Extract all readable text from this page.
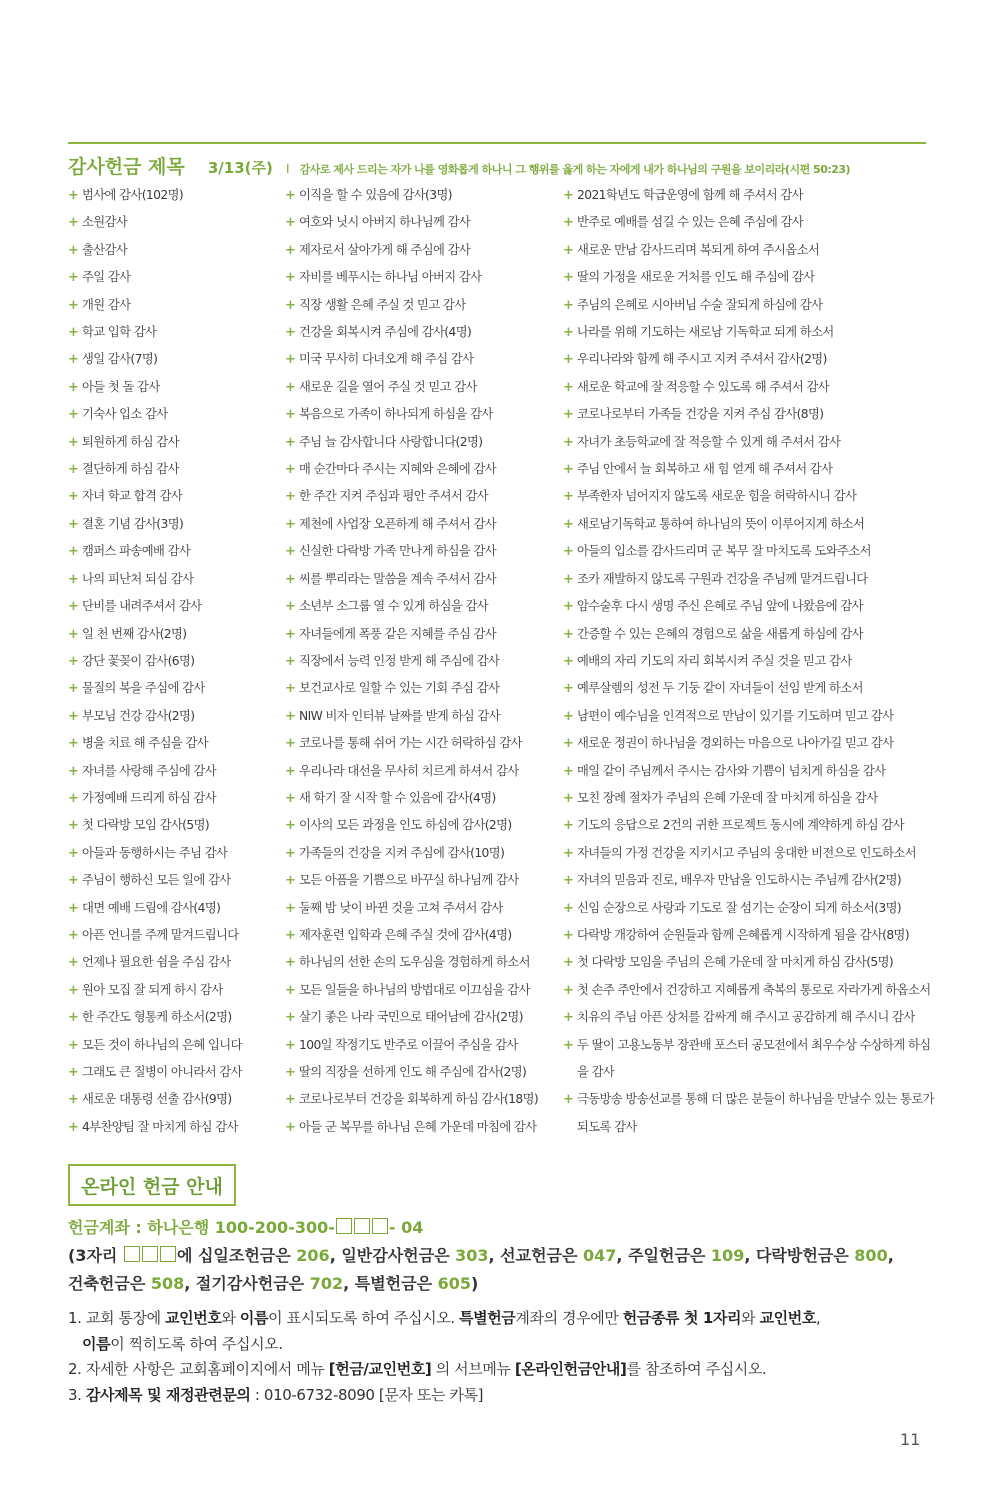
감사헌금 제목 3/13(주) I 감사로 제사 드리는 자가 나를 영화롭게 하나니 그 행위를 옳게 하는 자에게 내가 하나님의 구원을 보이리라(시편 50:23)
+ 범사에 감사(102명)
+ 소원감사
+ 출산감사
+ 주일 감사
+ 개원 감사
+ 학교 입학 감사
+ 생일 감사(7명)
+ 아들 첫 돌 감사
+ 기숙사 입소 감사
+ 퇴원하게 하심 감사
+ 결단하게 하심 감사
+ 자녀 학교 합격 감사
+ 결혼 기념 감사(3명)
+ 캠퍼스 파송예배 감사
+ 나의 피난처 되심 감사
+ 단비를 내려주셔서 감사
+ 일 천 번째 감사(2명)
+ 강단 꽃꽂이 감사(6명)
+ 물질의 복을 주심에 감사
+ 부모님 건강 감사(2명)
+ 병을 치료 해 주심을 감사
+ 자녀를 사랑해 주심에 감사
+ 가정예배 드리게 하심 감사
+ 첫 다락방 모임 감사(5명)
+ 아들과 동행하시는 주님 감사
+ 주님이 행하신 모든 일에 감사
+ 대면 예배 드림에 감사(4명)
+ 아픈 언니를 주께 맡겨드립니다
+ 언제나 필요한 쉼을 주심 감사
+ 원아 모집 잘 되게 하시 감사
+ 한 주간도 형통케 하소서(2명)
+ 모든 것이 하나님의 은혜 입니다
+ 그래도 큰 질병이 아니라서 감사
+ 새로운 대통령 선출 감사(9명)
+ 4부찬양팀 잘 마치게 하심 감사
+ 이직을 할 수 있음에 감사(3명)
+ 여호와 닛시 아버지 하나님께 감사
+ 제자로서 살아가게 해 주심에 감사
+ 자비를 베푸시는 하나님 아버지 감사
+ 직장 생활 은혜 주실 것 믿고 감사
+ 건강을 회복시켜 주심에 감사(4명)
+ 미국 무사히 다녀오게 해 주심 감사
+ 새로운 길을 열어 주실 것 믿고 감사
+ 복음으로 가족이 하나되게 하심을 감사
+ 주님 늘 감사합니다 사랑합니다(2명)
+ 매 순간마다 주시는 지혜와 은혜에 감사
+ 한 주간 지켜 주심과 평안 주셔서 감사
+ 제천에 사업장 오픈하게 해 주셔서 감사
+ 신실한 다락방 가족 만나게 하심을 감사
+ 씨를 뿌리라는 말씀을 계속 주셔서 감사
+ 소년부 소그룹 열 수 있게 하심을 감사
+ 자녀들에게 폭풍 같은 지혜를 주심 감사
+ 직장에서 능력 인정 받게 해 주심에 감사
+ 보건교사로 일할 수 있는 기회 주심 감사
+ NIW 비자 인터뷰 날짜를 받게 하심 감사
+ 코로나를 통해 쉬어 가는 시간 허락하심 감사
+ 우리나라 대선을 무사히 치르게 하셔서 감사
+ 새 학기 잘 시작 할 수 있음에 감사(4명)
+ 이사의 모든 과정을 인도 하심에 감사(2명)
+ 가족들의 건강을 지켜 주심에 감사(10명)
+ 모든 아픔을 기쁨으로 바꾸실 하나님께 감사
+ 둘째 밤 낮이 바뀐 것을 고쳐 주셔서 감사
+ 제자훈련 입학과 은혜 주실 것에 감사(4명)
+ 하나님의 선한 손의 도우심을 경험하게 하소서
+ 모든 일들을 하나님의 방법대로 이끄심을 감사
+ 살기 좋은 나라 국민으로 태어남에 감사(2명)
+ 100일 작정기도 반주로 이끌어 주심을 감사
+ 딸의 직장을 선하게 인도 해 주심에 감사(2명)
+ 코로나로부터 건강을 회복하게 하심 감사(18명)
+ 아들 군 복무를 하나님 은혜 가운데 마침에 감사
+ 2021학년도 학급운영에 함께 해 주셔서 감사
+ 반주로 예배를 섬길 수 있는 은혜 주심에 감사
+ 새로운 만남 감사드리며 복되게 하여 주시옵소서
+ 딸의 가정을 새로운 거처를 인도 해 주심에 감사
+ 주님의 은혜로 시아버님 수술 잘되게 하심에 감사
+ 나라를 위해 기도하는 새로남 기독학교 되게 하소서
+ 우리나라와 함께 해 주시고 지켜 주셔서 감사(2명)
+ 새로운 학교에 잘 적응할 수 있도록 해 주셔서 감사
+ 코로나로부터 가족들 건강을 지켜 주심 감사(8명)
+ 자녀가 초등학교에 잘 적응할 수 있게 해 주셔서 감사
+ 주님 안에서 늘 회복하고 새 힘 얻게 해 주셔서 감사
+ 부족한자 넘어지지 않도록 새로운 힘을 허락하시니 감사
+ 새로남기독학교 통하여 하나님의 뜻이 이루어지게 하소서
+ 아들의 입소를 감사드리며 군 복무 잘 마치도록 도와주소서
+ 조카 재발하지 않도록 구원과 건강을 주님께 맡겨드립니다
+ 암수술후 다시 생명 주신 은혜로 주님 앞에 나왔음에 감사
+ 간증할 수 있는 은혜의 경험으로 삶을 새롭게 하심에 감사
+ 예배의 자리 기도의 자리 회복시켜 주실 것을 믿고 감사
+ 예루살렘의 성전 두 기둥 같이 자녀들이 선임 받게 하소서
+ 남편이 예수님을 인격적으로 만남이 있기를 기도하며 믿고 감사
+ 새로운 정권이 하나님을 경외하는 마음으로 나아가길 믿고 감사
+ 매일 같이 주님께서 주시는 감사와 기쁨이 넘치게 하심을 감사
+ 모친 장례 절차가 주님의 은혜 가운데 잘 마치게 하심을 감사
+ 기도의 응답으로 2건의 귀한 프로젝트 동시에 계약하게 하심 감사
+ 자녀들의 가정 건강을 지키시고 주님의 웅대한 비전으로 인도하소서
+ 자녀의 믿음과 진로, 배우자 만남을 인도하시는 주님께 감사(2명)
+ 신임 순장으로 사랑과 기도로 잘 섬기는 순장이 되게 하소서(3명)
+ 다락방 개강하여 순원들과 함께 은혜롭게 시작하게 됨을 감사(8명)
+ 첫 다락방 모임을 주님의 은혜 가운데 잘 마치게 하심 감사(5명)
+ 첫 손주 주안에서 건강하고 지혜롭게 축복의 통로로 자라가게 하옵소서
+ 치유의 주님 아픈 상처를 감싸게 해 주시고 공감하게 해 주시니 감사
+ 두 딸이 고용노동부 장관배 포스터 공모전에서 최우수상 수상하게 하심을 감사
+ 극동방송 방송선교를 통해 더 많은 분들이 하나님을 만날수 있는 통로가 되도록 감사
온라인 헌금 안내
헌금계좌 : 하나은행 100-200-300-	- 04
(3자리	에 십일조헌금은 206, 일반감사헌금은 303, 선교헌금은 047, 주일헌금은 109, 다락방헌금은 800,
건축헌금은 508, 절기감사헌금은 702, 특별헌금은 605)
1. 교회 통장에 교인번호와 이름이 표시되도록 하여 주십시오. 특별헌금계좌의 경우에만 헌금종류 첫 1자리와 교인번호,
이름이 찍히도록 하여 주십시오.
2. 자세한 사항은 교회홈페이지에서 메뉴 [헌금/교인번호] 의 서브메뉴 [온라인헌금안내]를 참조하여 주십시오.
3. 감사제목 및 재정관련문의 : 010-6732-8090 [문자 또는 카톡]
11
